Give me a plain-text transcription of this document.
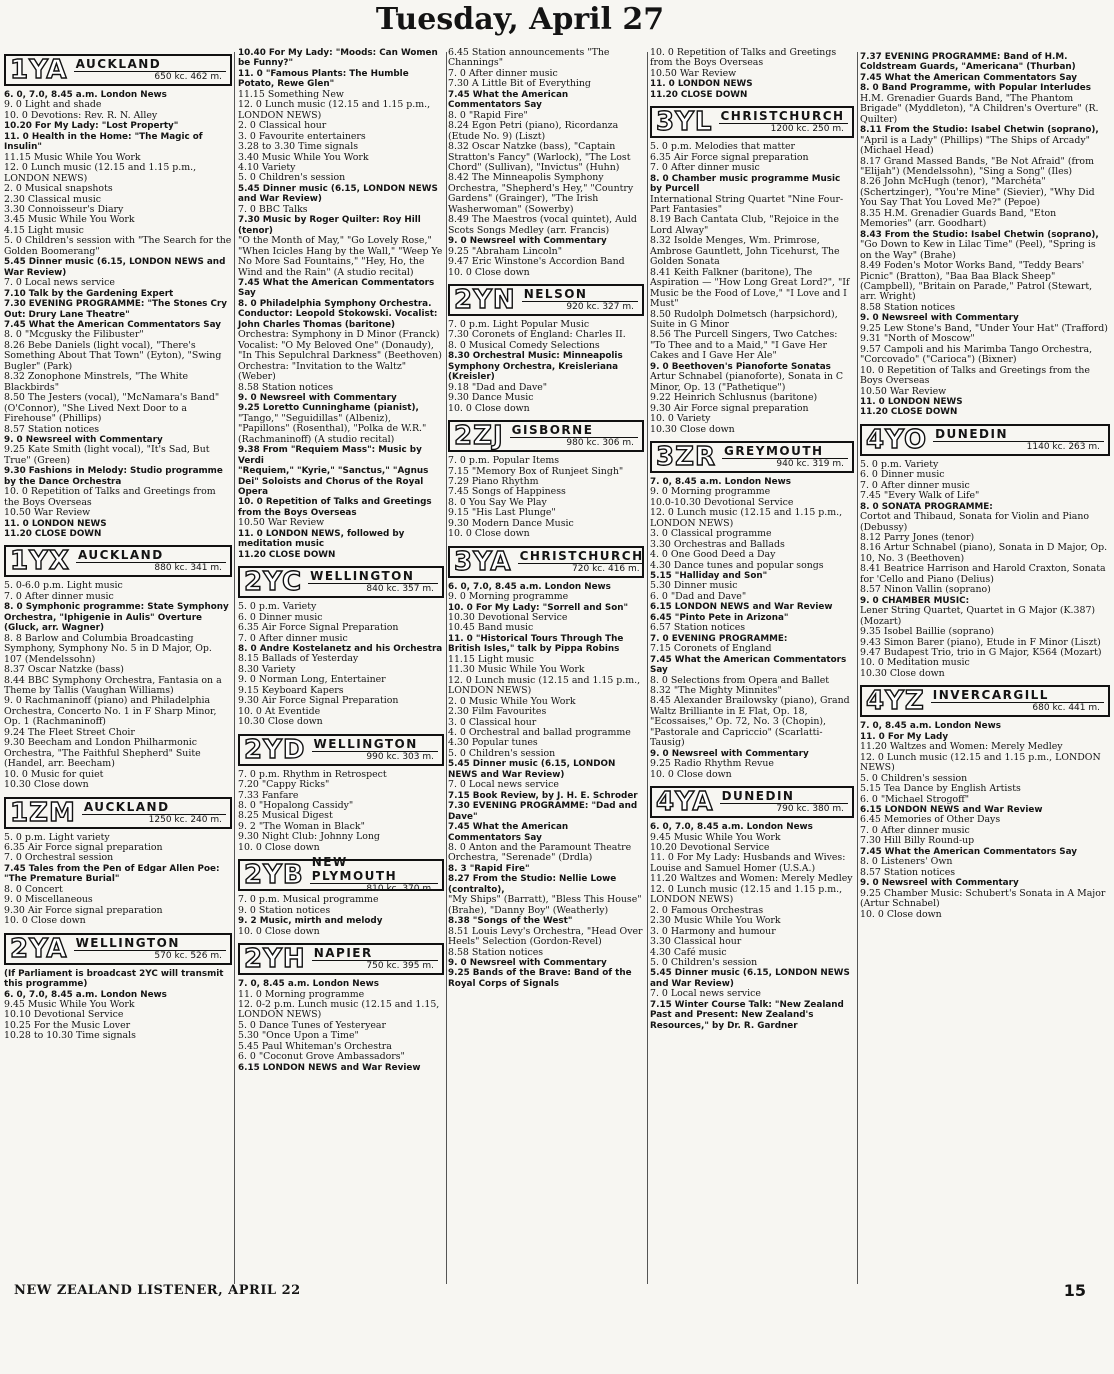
Tuesday, April 27
1YA AUCKLAND
650 kc. 462 m.

6. 0, 7.0, 8.45 a.m. London News

9. 0 Light and shade

10. 0 Devotions: Rev. R. N. Alley

10.20 For My Lady: "Lost Property"

11. 0 Health in the Home: "The Magic of Insulin"

11.15 Music While You Work

12. 0 Lunch music (12.15 and 1.15 p.m., LONDON NEWS)

2. 0 Musical snapshots

2.30 Classical music

3.30 Connoisseur's Diary

3.45 Music While You Work

4.15 Light music

5. 0 Children's session with "The Search for the Golden Boomerang"

5.45 Dinner music (6.15, LONDON NEWS and War Review)

7. 0 Local news service

7.10 Talk by the Gardening Expert

7.30 EVENING PROGRAMME: "The Stones Cry Out: Drury Lane Theatre"

7.45 What the American Commentators Say

8. 0 "Mcgusky the Filibuster"

8.26 Bebe Daniels (light vocal), "There's Something About That Town" (Eyton), "Swing Bugler" (Park)

8.32 Zonophone Minstrels, "The White Blackbirds"

8.50 The Jesters (vocal), "McNamara's Band" (O'Connor), "She Lived Next Door to a Firehouse" (Phillips)

8.57 Station notices

9. 0 Newsreel with Commentary

9.25 Kate Smith (light vocal), "It's Sad, But True" (Green)

9.30 Fashions in Melody: Studio programme by the Dance Orchestra

10. 0 Repetition of Talks and Greetings from the Boys Overseas

10.50 War Review

11. 0 LONDON NEWS

11.20 CLOSE DOWN

1YX AUCKLAND
880 kc. 341 m.

5. 0-6.0 p.m. Light music

7. 0 After dinner music

8. 0 Symphonic programme: State Symphony Orchestra, "Iphigenie in Aulis" Overture (Gluck, arr. Wagner)

8. 8 Barlow and Columbia Broadcasting Symphony, Symphony No. 5 in D Major, Op. 107 (Mendelssohn)

8.37 Oscar Natzke (bass)

8.44 BBC Symphony Orchestra, Fantasia on a Theme by Tallis (Vaughan Williams)

9. 0 Rachmaninoff (piano) and Philadelphia Orchestra, Concerto No. 1 in F Sharp Minor, Op. 1 (Rachmaninoff)

9.24 The Fleet Street Choir

9.30 Beecham and London Philharmonic Orchestra, "The Faithful Shepherd" Suite (Handel, arr. Beecham)

10. 0 Music for quiet

10.30 Close down

1ZM AUCKLAND
1250 kc. 240 m.

5. 0 p.m. Light variety

6.35 Air Force signal preparation

7. 0 Orchestral session

7.45 Tales from the Pen of Edgar Allen Poe: "The Premature Burial"

8. 0 Concert

9. 0 Miscellaneous

9.30 Air Force signal preparation

10. 0 Close down

2YA WELLINGTON
570 kc. 526 m.

(If Parliament is broadcast 2YC will transmit this programme)

6. 0, 7.0, 8.45 a.m. London News

9.45 Music While You Work

10.10 Devotional Service

10.25 For the Music Lover

10.28 to 10.30 Time signals

10.40 For My Lady: "Moods: Can Women be Funny?"

11. 0 "Famous Plants: The Humble Potato, Rewe Glen"

11.15 Something New

12. 0 Lunch music (12.15 and 1.15 p.m., LONDON NEWS)

2. 0 Classical hour

3. 0 Favourite entertainers

3.28 to 3.30 Time signals

3.40 Music While You Work

4.10 Variety

5. 0 Children's session

5.45 Dinner music (6.15, LONDON NEWS and War Review)

7. 0 BBC Talks

7.30 Music by Roger Quilter: Roy Hill (tenor)

"O the Month of May," "Go Lovely Rose," "When Icicles Hang by the Wall," "Weep Ye No More Sad Fountains," "Hey, Ho, the Wind and the Rain" (A studio recital)

7.45 What the American Commentators Say

8. 0 Philadelphia Symphony Orchestra. Conductor: Leopold Stokowski. Vocalist: John Charles Thomas (baritone)

Orchestra: Symphony in D Minor (Franck)

Vocalist: "O My Beloved One" (Donaudy), "In This Sepulchral Darkness" (Beethoven)

Orchestra: "Invitation to the Waltz" (Weber)

8.58 Station notices

9. 0 Newsreel with Commentary

9.25 Loretto Cunninghame (pianist),

"Tango," "Seguidillas" (Albeniz), "Papillons" (Rosenthal), "Polka de W.R." (Rachmaninoff) (A studio recital)

9.38 From "Requiem Mass": Music by Verdi

"Requiem," "Kyrie," "Sanctus," "Agnus Dei" Soloists and Chorus of the Royal Opera

10. 0 Repetition of Talks and Greetings from the Boys Overseas

10.50 War Review

11. 0 LONDON NEWS, followed by meditation music

11.20 CLOSE DOWN

2YC WELLINGTON
840 kc. 357 m.

5. 0 p.m. Variety

6. 0 Dinner music

6.35 Air Force Signal Preparation

7. 0 After dinner music

8. 0 Andre Kostelanetz and his Orchestra

8.15 Ballads of Yesterday

8.30 Variety

9. 0 Norman Long, Entertainer

9.15 Keyboard Kapers

9.30 Air Force Signal Preparation

10. 0 At Eventide

10.30 Close down

2YD WELLINGTON
990 kc. 303 m.

7. 0 p.m. Rhythm in Retrospect

7.20 "Cappy Ricks"

7.33 Fanfare

8. 0 "Hopalong Cassidy"

8.25 Musical Digest

9. 2 "The Woman in Black"

9.30 Night Club: Johnny Long

10. 0 Close down

2YB NEW PLYMOUTH
810 kc. 370 m.

7. 0 p.m. Musical programme

9. 0 Station notices

9. 2 Music, mirth and melody

10. 0 Close down

2YH NAPIER
750 kc. 395 m.

7. 0, 8.45 a.m. London News

11. 0 Morning programme

12. 0-2 p.m. Lunch music (12.15 and 1.15, LONDON NEWS)

5. 0 Dance Tunes of Yesteryear

5.30 "Once Upon a Time"

5.45 Paul Whiteman's Orchestra

6. 0 "Coconut Grove Ambassadors"

6.15 LONDON NEWS and War Review

6.45 Station announcements "The Channings"

7. 0 After dinner music

7.30 A Little Bit of Everything

7.45 What the American Commentators Say

8. 0 "Rapid Fire"

8.24 Egon Petri (piano), Ricordanza (Etude No. 9) (Liszt)

8.32 Oscar Natzke (bass), "Captain Stratton's Fancy" (Warlock), "The Lost Chord" (Sullivan), "Invictus" (Huhn)

8.42 The Minneapolis Symphony Orchestra, "Shepherd's Hey," "Country Gardens" (Grainger), "The Irish Washerwoman" (Sowerby)

8.49 The Maestros (vocal quintet), Auld Scots Songs Medley (arr. Francis)

9. 0 Newsreel with Commentary

9.25 "Abraham Lincoln"

9.47 Eric Winstone's Accordion Band

10. 0 Close down

2YN NELSON
920 kc. 327 m.

7. 0 p.m. Light Popular Music

7.30 Coronets of England: Charles II.

8. 0 Musical Comedy Selections

8.30 Orchestral Music: Minneapolis Symphony Orchestra, Kreisleriana (Kreisler)

9.18 "Dad and Dave"

9.30 Dance Music

10. 0 Close down

2ZJ GISBORNE
980 kc. 306 m.

7. 0 p.m. Popular Items

7.15 "Memory Box of Runjeet Singh"

7.29 Piano Rhythm

7.45 Songs of Happiness

8. 0 You Say We Play

9.15 "His Last Plunge"

9.30 Modern Dance Music

10. 0 Close down

3YA CHRISTCHURCH
720 kc. 416 m.

6. 0, 7.0, 8.45 a.m. London News

9. 0 Morning programme

10. 0 For My Lady: "Sorrell and Son"

10.30 Devotional Service

10.45 Band music

11. 0 "Historical Tours Through The British Isles," talk by Pippa Robins

11.15 Light music

11.30 Music While You Work

12. 0 Lunch music (12.15 and 1.15 p.m., LONDON NEWS)

2. 0 Music While You Work

2.30 Film Favourites

3. 0 Classical hour

4. 0 Orchestral and ballad programme

4.30 Popular tunes

5. 0 Children's session

5.45 Dinner music (6.15, LONDON NEWS and War Review)

7. 0 Local news service

7.15 Book Review, by J. H. E. Schroder

7.30 EVENING PROGRAMME: "Dad and Dave"

7.45 What the American Commentators Say

8. 0 Anton and the Paramount Theatre Orchestra, "Serenade" (Drdla)

8. 3 "Rapid Fire"

8.27 From the Studio: Nellie Lowe (contralto),

"My Ships" (Barratt), "Bless This House" (Brahe), "Danny Boy" (Weatherly)

8.38 "Songs of the West"

8.51 Louis Levy's Orchestra, "Head Over Heels" Selection (Gordon-Revel)

8.58 Station notices

9. 0 Newsreel with Commentary

9.25 Bands of the Brave: Band of the Royal Corps of Signals

10. 0 Repetition of Talks and Greetings from the Boys Overseas

10.50 War Review

11. 0 LONDON NEWS

11.20 CLOSE DOWN

3YL CHRISTCHURCH
1200 kc. 250 m.

5. 0 p.m. Melodies that matter

6.35 Air Force signal preparation

7. 0 After dinner music

8. 0 Chamber music programme Music by Purcell

International String Quartet "Nine Four-Part Fantasies"

8.19 Bach Cantata Club, "Rejoice in the Lord Alway"

8.32 Isolde Menges, Wm. Primrose, Ambrose Gauntlett, John Ticehurst, The Golden Sonata

8.41 Keith Falkner (baritone), The Aspiration — "How Long Great Lord?", "If Music be the Food of Love," "I Love and I Must"

8.50 Rudolph Dolmetsch (harpsichord), Suite in G Minor

8.56 The Purcell Singers, Two Catches: "To Thee and to a Maid," "I Gave Her Cakes and I Gave Her Ale"

9. 0 Beethoven's Pianoforte Sonatas

Artur Schnabel (pianoforte), Sonata in C Minor, Op. 13 ("Pathetique")

9.22 Heinrich Schlusnus (baritone)

9.30 Air Force signal preparation

10. 0 Variety

10.30 Close down

3ZR GREYMOUTH
940 kc. 319 m.

7. 0, 8.45 a.m. London News

9. 0 Morning programme

10.0-10.30 Devotional Service

12. 0 Lunch music (12.15 and 1.15 p.m., LONDON NEWS)

3. 0 Classical programme

3.30 Orchestras and Ballads

4. 0 One Good Deed a Day

4.30 Dance tunes and popular songs

5.15 "Halliday and Son"

5.30 Dinner music

6. 0 "Dad and Dave"

6.15 LONDON NEWS and War Review

6.45 "Pinto Pete in Arizona"

6.57 Station notices

7. 0 EVENING PROGRAMME:

7.15 Coronets of England

7.45 What the American Commentators Say

8. 0 Selections from Opera and Ballet

8.32 "The Mighty Minnites"

8.45 Alexander Brailowsky (piano), Grand Waltz Brilliante in E Flat, Op. 18, "Ecossaises," Op. 72, No. 3 (Chopin), "Pastorale and Capriccio" (Scarlatti-Tausig)

9. 0 Newsreel with Commentary

9.25 Radio Rhythm Revue

10. 0 Close down

4YA DUNEDIN
790 kc. 380 m.

6. 0, 7.0, 8.45 a.m. London News

9.45 Music While You Work

10.20 Devotional Service

11. 0 For My Lady: Husbands and Wives: Louise and Samuel Homer (U.S.A.)

11.20 Waltzes and Women: Merely Medley

12. 0 Lunch music (12.15 and 1.15 p.m., LONDON NEWS)

2. 0 Famous Orchestras

2.30 Music While You Work

3. 0 Harmony and humour

3.30 Classical hour

4.30 Café music

5. 0 Children's session

5.45 Dinner music (6.15, LONDON NEWS and War Review)

7. 0 Local news service

7.15 Winter Course Talk: "New Zealand Past and Present: New Zealand's Resources," by Dr. R. Gardner

7.37 EVENING PROGRAMME: Band of H.M. Coldstream Guards, "Americana" (Thurban)

7.45 What the American Commentators Say

8. 0 Band Programme, with Popular Interludes

H.M. Grenadier Guards Band, "The Phantom Brigade" (Myddleton), "A Children's Overture" (R. Quilter)

8.11 From the Studio: Isabel Chetwin (soprano),

"April is a Lady" (Phillips) "The Ships of Arcady" (Michael Head)

8.17 Grand Massed Bands, "Be Not Afraid" (from "Elijah") (Mendelssohn), "Sing a Song" (Iles)

8.26 John McHugh (tenor), "Marchéta" (Schertzinger), "You're Mine" (Sievier), "Why Did You Say That You Loved Me?" (Pepoe)

8.35 H.M. Grenadier Guards Band, "Eton Memories" (arr. Goodhart)

8.43 From the Studio: Isabel Chetwin (soprano),

"Go Down to Kew in Lilac Time" (Peel), "Spring is on the Way" (Brahe)

8.49 Foden's Motor Works Band, "Teddy Bears' Picnic" (Bratton), "Baa Baa Black Sheep" (Campbell), "Britain on Parade," Patrol (Stewart, arr. Wright)

8.58 Station notices

9. 0 Newsreel with Commentary

9.25 Lew Stone's Band, "Under Your Hat" (Trafford)

9.31 "North of Moscow"

9.57 Campoli and his Marimba Tango Orchestra, "Corcovado" ("Carioca") (Bixner)

10. 0 Repetition of Talks and Greetings from the Boys Overseas

10.50 War Review

11. 0 LONDON NEWS

11.20 CLOSE DOWN

4YO DUNEDIN
1140 kc. 263 m.

5. 0 p.m. Variety

6. 0 Dinner music

7. 0 After dinner music

7.45 "Every Walk of Life"

8. 0 SONATA PROGRAMME:

Cortot and Thibaud, Sonata for Violin and Piano (Debussy)

8.12 Parry Jones (tenor)

8.16 Artur Schnabel (piano), Sonata in D Major, Op. 10, No. 3 (Beethoven)

8.41 Beatrice Harrison and Harold Craxton, Sonata for 'Cello and Piano (Delius)

8.57 Ninon Vallin (soprano)

9. 0 CHAMBER MUSIC:

Lener String Quartet, Quartet in G Major (K.387) (Mozart)

9.35 Isobel Baillie (soprano)

9.43 Simon Barer (piano), Etude in F Minor (Liszt)

9.47 Budapest Trio, trio in G Major, K564 (Mozart)

10. 0 Meditation music

10.30 Close down

4YZ INVERCARGILL
680 kc. 441 m.

7. 0, 8.45 a.m. London News

11. 0 For My Lady

11.20 Waltzes and Women: Merely Medley

12. 0 Lunch music (12.15 and 1.15 p.m., LONDON NEWS)

5. 0 Children's session

5.15 Tea Dance by English Artists

6. 0 "Michael Strogoff"

6.15 LONDON NEWS and War Review

6.45 Memories of Other Days

7. 0 After dinner music

7.30 Hill Billy Round-up

7.45 What the American Commentators Say

8. 0 Listeners' Own

8.57 Station notices

9. 0 Newsreel with Commentary

9.25 Chamber Music: Schubert's Sonata in A Major (Artur Schnabel)

10. 0 Close down

NEW ZEALAND LISTENER, APRIL 22	15
